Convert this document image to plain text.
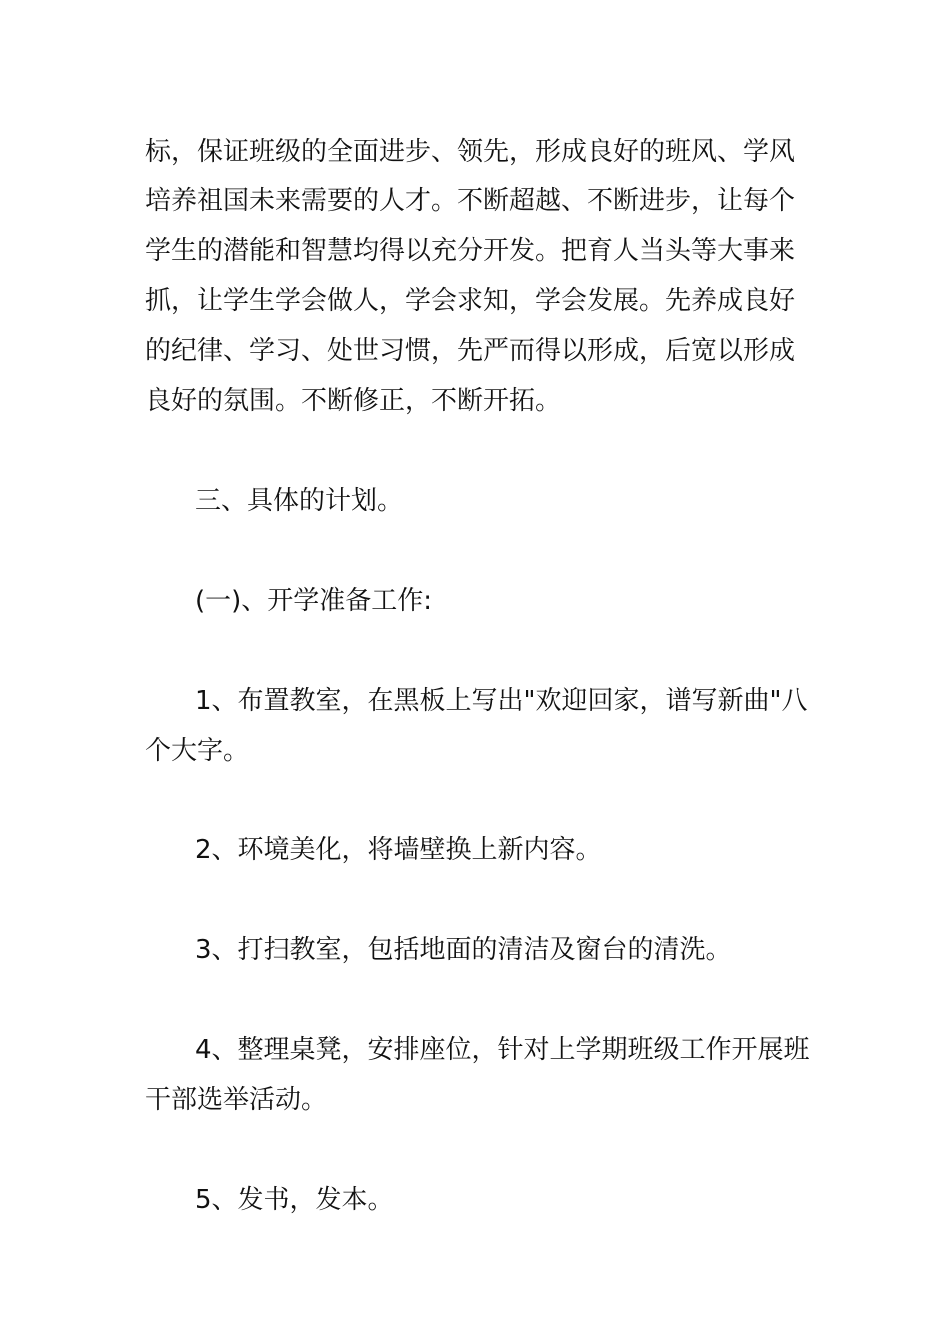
标，保证班级的全面进步、领先，形成良好的班风、学风
培养祖国未来需要的人才。不断超越、不断进步，让每个
学生的潜能和智慧均得以充分开发。把育人当头等大事来
抓，让学生学会做人，学会求知，学会发展。先养成良好
的纪律、学习、处世习惯，先严而得以形成，后宽以形成
良好的氛围。不断修正，不断开拓。
三、具体的计划。
(一)、开学准备工作:
1、布置教室，在黑板上写出"欢迎回家，谱写新曲"八
个大字。
2、环境美化，将墙壁换上新内容。
3、打扫教室，包括地面的清洁及窗台的清洗。
4、整理桌凳，安排座位，针对上学期班级工作开展班
干部选举活动。
5、发书，发本。
